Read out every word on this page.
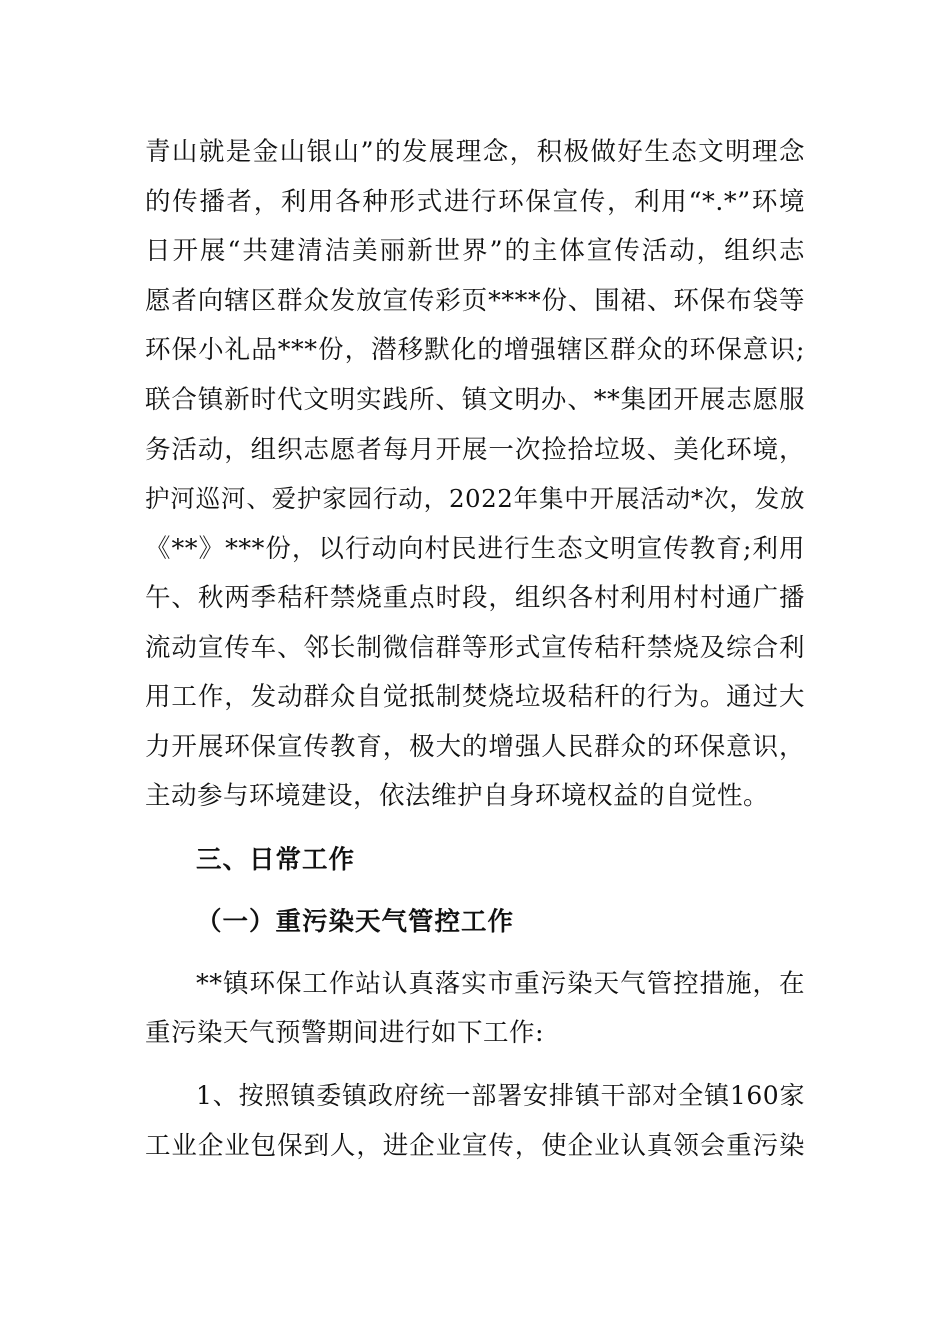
青山就是金山银山”的发展理念，积极做好生态文明理念
的传播者，利用各种形式进行环保宣传，利用“*.*”环境
日开展“共建清洁美丽新世界”的主体宣传活动，组织志
愿者向辖区群众发放宣传彩页****份、围裙、环保布袋等
环保小礼品***份，潜移默化的增强辖区群众的环保意识;
联合镇新时代文明实践所、镇文明办、**集团开展志愿服
务活动，组织志愿者每月开展一次捡拾垃圾、美化环境，
护河巡河、爱护家园行动，2022年集中开展活动*次，发放
《**》***份，以行动向村民进行生态文明宣传教育;利用
午、秋两季秸秆禁烧重点时段，组织各村利用村村通广播
流动宣传车、邻长制微信群等形式宣传秸秆禁烧及综合利
用工作，发动群众自觉抵制焚烧垃圾秸秆的行为。通过大
力开展环保宣传教育，极大的增强人民群众的环保意识，
主动参与环境建设，依法维护自身环境权益的自觉性。
三、日常工作
（一）重污染天气管控工作
**镇环保工作站认真落实市重污染天气管控措施，在
重污染天气预警期间进行如下工作:
1、按照镇委镇政府统一部署安排镇干部对全镇160家
工业企业包保到人，进企业宣传，使企业认真领会重污染
